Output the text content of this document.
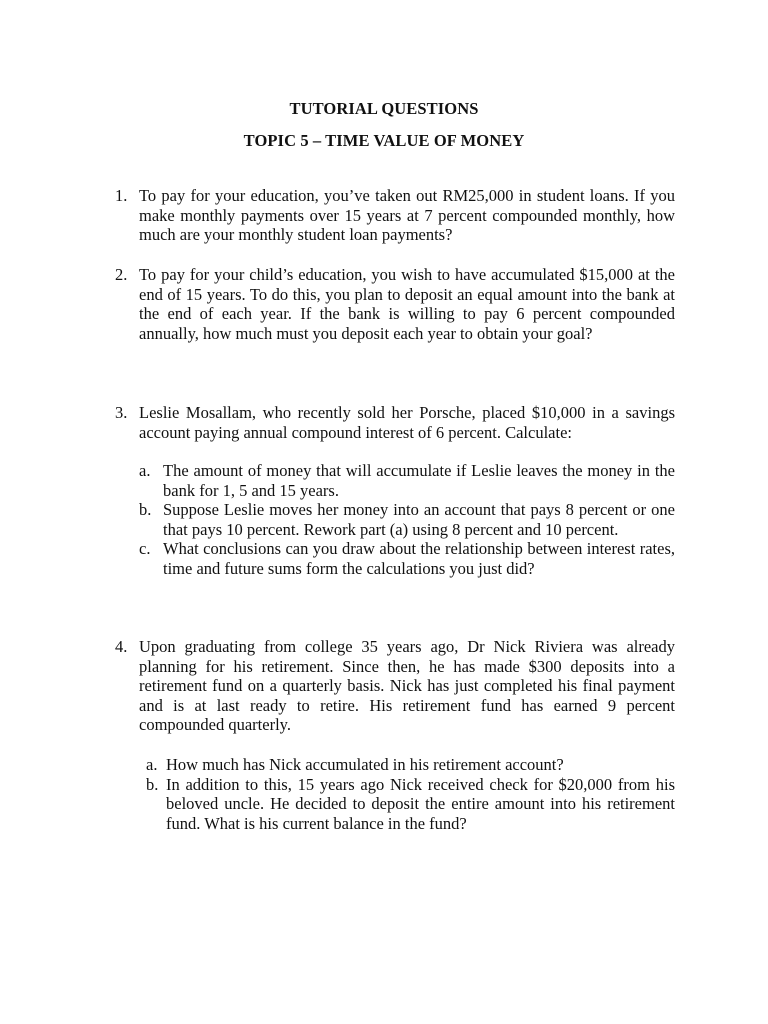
TUTORIAL QUESTIONS
TOPIC 5 – TIME VALUE OF MONEY
1. To pay for your education, you’ve taken out RM25,000 in student loans. If you make monthly payments over 15 years at 7 percent compounded monthly, how much are your monthly student loan payments?
2. To pay for your child’s education, you wish to have accumulated $15,000 at the end of 15 years. To do this, you plan to deposit an equal amount into the bank at the end of each year. If the bank is willing to pay 6 percent compounded annually, how much must you deposit each year to obtain your goal?
3. Leslie Mosallam, who recently sold her Porsche, placed $10,000 in a savings account paying annual compound interest of 6 percent. Calculate:
a. The amount of money that will accumulate if Leslie leaves the money in the bank for 1, 5 and 15 years.
b. Suppose Leslie moves her money into an account that pays 8 percent or one that pays 10 percent. Rework part (a) using 8 percent and 10 percent.
c. What conclusions can you draw about the relationship between interest rates, time and future sums form the calculations you just did?
4. Upon graduating from college 35 years ago, Dr Nick Riviera was already planning for his retirement. Since then, he has made $300 deposits into a retirement fund on a quarterly basis. Nick has just completed his final payment and is at last ready to retire. His retirement fund has earned 9 percent compounded quarterly.
a. How much has Nick accumulated in his retirement account?
b. In addition to this, 15 years ago Nick received check for $20,000 from his beloved uncle. He decided to deposit the entire amount into his retirement fund. What is his current balance in the fund?
